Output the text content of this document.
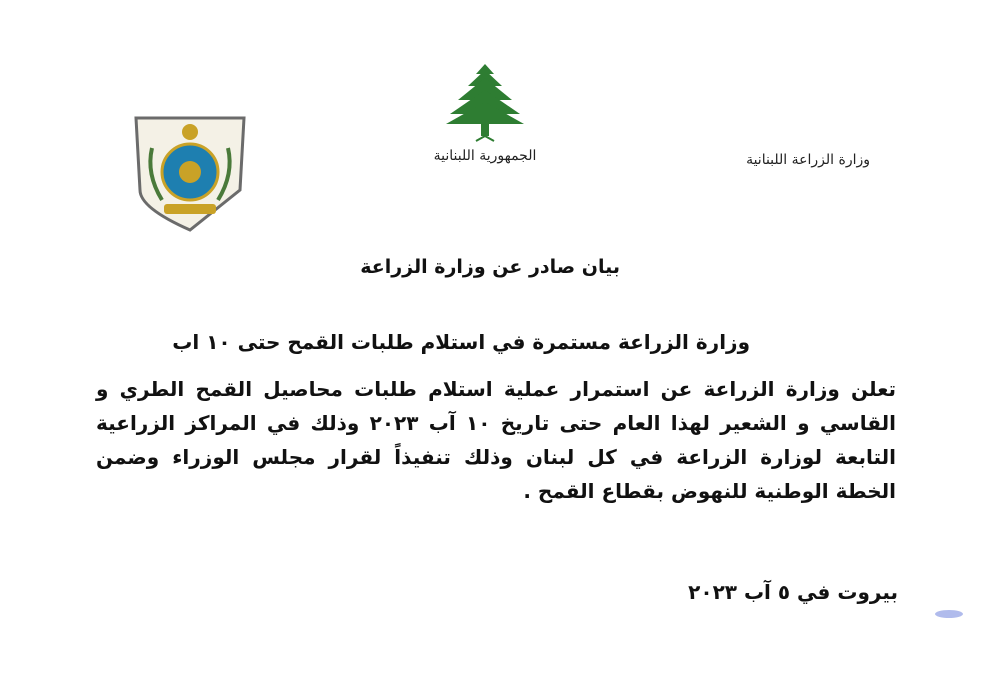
الجمهورية اللبنانية	وزارة الزراعة اللبنانية
بيان صادر عن وزارة الزراعة
وزارة الزراعة مستمرة في استلام طلبات القمح حتى ١٠ اب
تعلن وزارة الزراعة عن استمرار عملية استلام طلبات محاصيل القمح الطري و القاسي و الشعير لهذا العام حتى تاريخ ١٠ آب ٢٠٢٣ وذلك في المراكز الزراعية التابعة لوزارة الزراعة في كل لبنان وذلك تنفيذاً لقرار مجلس الوزراء وضمن الخطة الوطنية للنهوض بقطاع القمح .
بيروت في ٥ آب ٢٠٢٣
